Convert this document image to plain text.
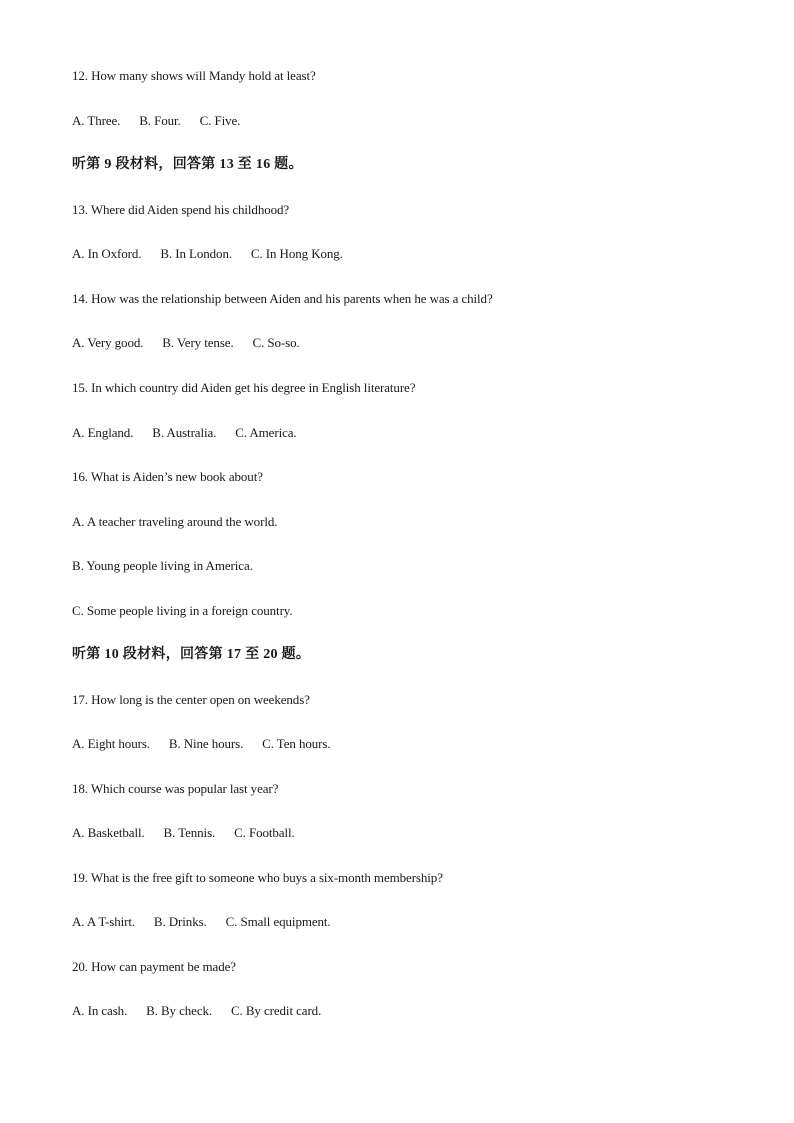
12. How many shows will Mandy hold at least?
A. Three.      B. Four.      C. Five.
听第 9 段材料，回答第 13 至 16 题。
13. Where did Aiden spend his childhood?
A. In Oxford.      B. In London.      C. In Hong Kong.
14. How was the relationship between Aiden and his parents when he was a child?
A. Very good.      B. Very tense.      C. So-so.
15. In which country did Aiden get his degree in English literature?
A. England.      B. Australia.      C. America.
16. What is Aiden’s new book about?
A. A teacher traveling around the world.
B. Young people living in America.
C. Some people living in a foreign country.
听第 10 段材料，回答第 17 至 20 题。
17. How long is the center open on weekends?
A. Eight hours.      B. Nine hours.      C. Ten hours.
18. Which course was popular last year?
A. Basketball.      B. Tennis.      C. Football.
19. What is the free gift to someone who buys a six-month membership?
A. A T-shirt.      B. Drinks.      C. Small equipment.
20. How can payment be made?
A. In cash.      B. By check.      C. By credit card.
